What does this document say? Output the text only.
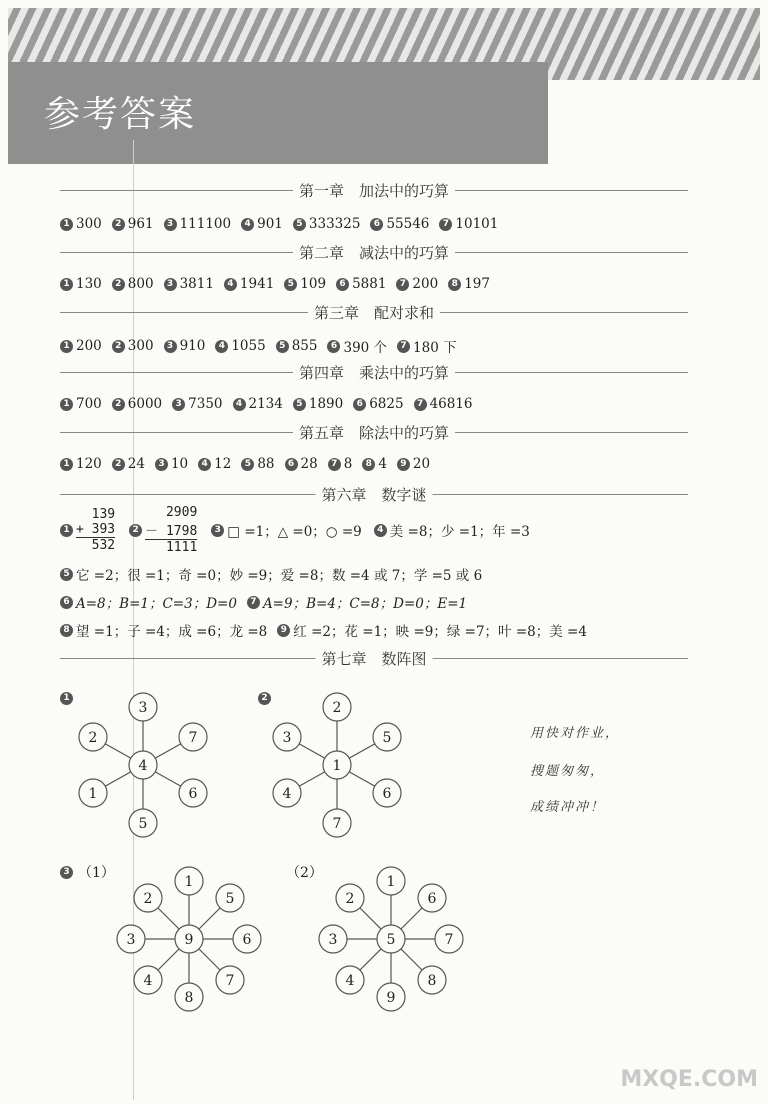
参考答案
第一章　加法中的巧算
1 300	2 961	3 111100	4 901	5 333325	6 55546	7 10101
第二章　减法中的巧算
1 130	2 800	3 3811	4 1941	5 109	6 5881	7 200	8 197
第三章　配对求和
1 200	2 300	3 910	4 1055	5 855	6 390 个	7 180 下
第四章　乘法中的巧算
1 700	2 6000	3 7350	4 2134	5 1890	6 6825	7 46816
第五章　除法中的巧算
1 120	2 24	3 10	4 12	5 88	6 28	7 8	8 4	9 20
第六章　数字谜
1
139
+ 393
532
2
2909
－ 1798
1111
3 □ =1；△ =0；○ =9	4 美 =8；少 =1；年 =3
5 它 =2；很 =1；奇 =0；妙 =9；爱 =8；数 =4 或 7；学 =5 或 6
6 A=8；B=1；C=3；D=0	7 A=9；B=4；C=8；D=0；E=1
8 望 =1；子 =4；成 =6；龙 =8	9 红 =2；花 =1；映 =9；绿 =7；叶 =8；美 =4
第七章　数阵图
1	2
3 （1）	（2）
3
7
6
5
1
2
4
2
5
6
7
4
3
1
1
5
6
7
8
4
3
2
9
1
6
7
8
9
4
3
2
5
用快对作业，
搜题匆匆，
成绩冲冲！
MXQE.COM
